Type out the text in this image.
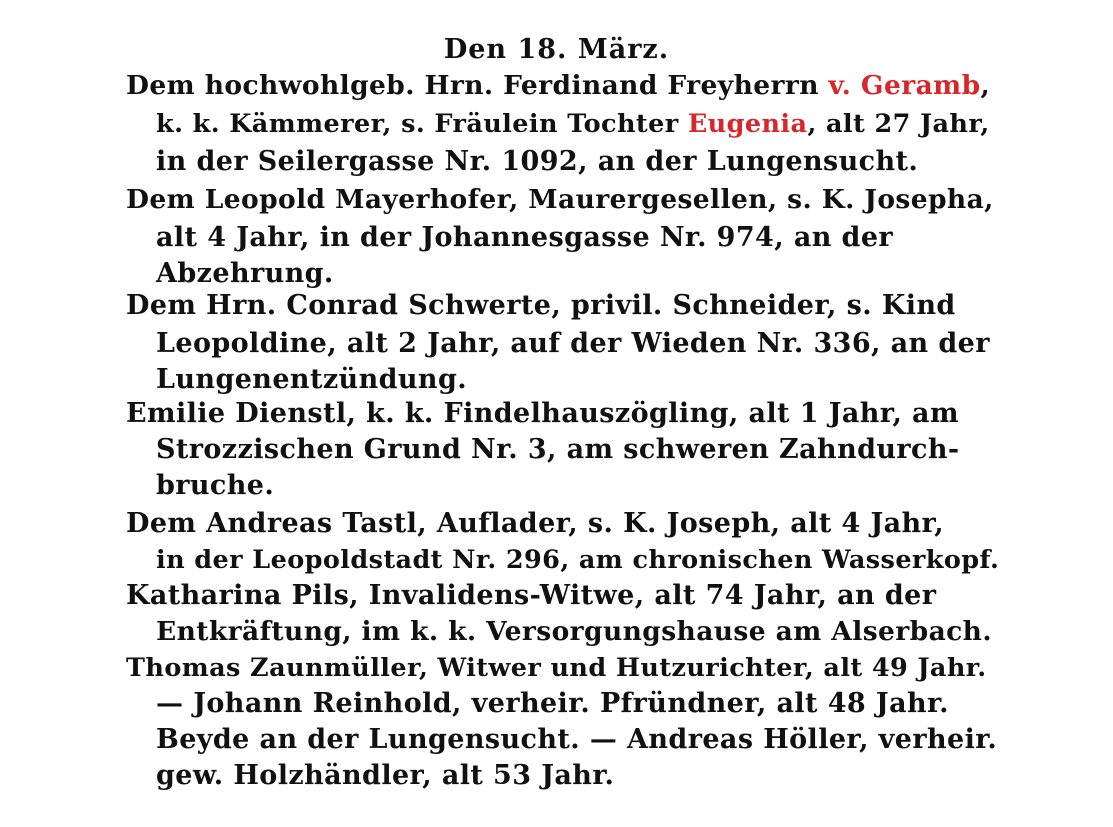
Den 18. März.
Dem hochwohlgeb. Hrn. Ferdinand Freyherrn v. Geramb,
k. k. Kämmerer, s. Fräulein Tochter Eugenia, alt 27 Jahr,
in der Seilergasse Nr. 1092, an der Lungensucht.
Dem Leopold Mayerhofer, Maurergesellen, s. K. Josepha,
alt 4 Jahr, in der Johannesgasse Nr. 974, an der
Abzehrung.
Dem Hrn. Conrad Schwerte, privil. Schneider, s. Kind
Leopoldine, alt 2 Jahr, auf der Wieden Nr. 336, an der
Lungenentzündung.
Emilie Dienstl, k. k. Findelhauszögling, alt 1 Jahr, am
Strozzischen Grund Nr. 3, am schweren Zahndurch-
bruche.
Dem Andreas Tastl, Auflader, s. K. Joseph, alt 4 Jahr,
in der Leopoldstadt Nr. 296, am chronischen Wasserkopf.
Katharina Pils, Invalidens-Witwe, alt 74 Jahr, an der
Entkräftung, im k. k. Versorgungshause am Alserbach.
Thomas Zaunmüller, Witwer und Hutzurichter, alt 49 Jahr.
— Johann Reinhold, verheir. Pfründner, alt 48 Jahr.
Beyde an der Lungensucht. — Andreas Höller, verheir.
gew. Holzhändler, alt 53 Jahr.
